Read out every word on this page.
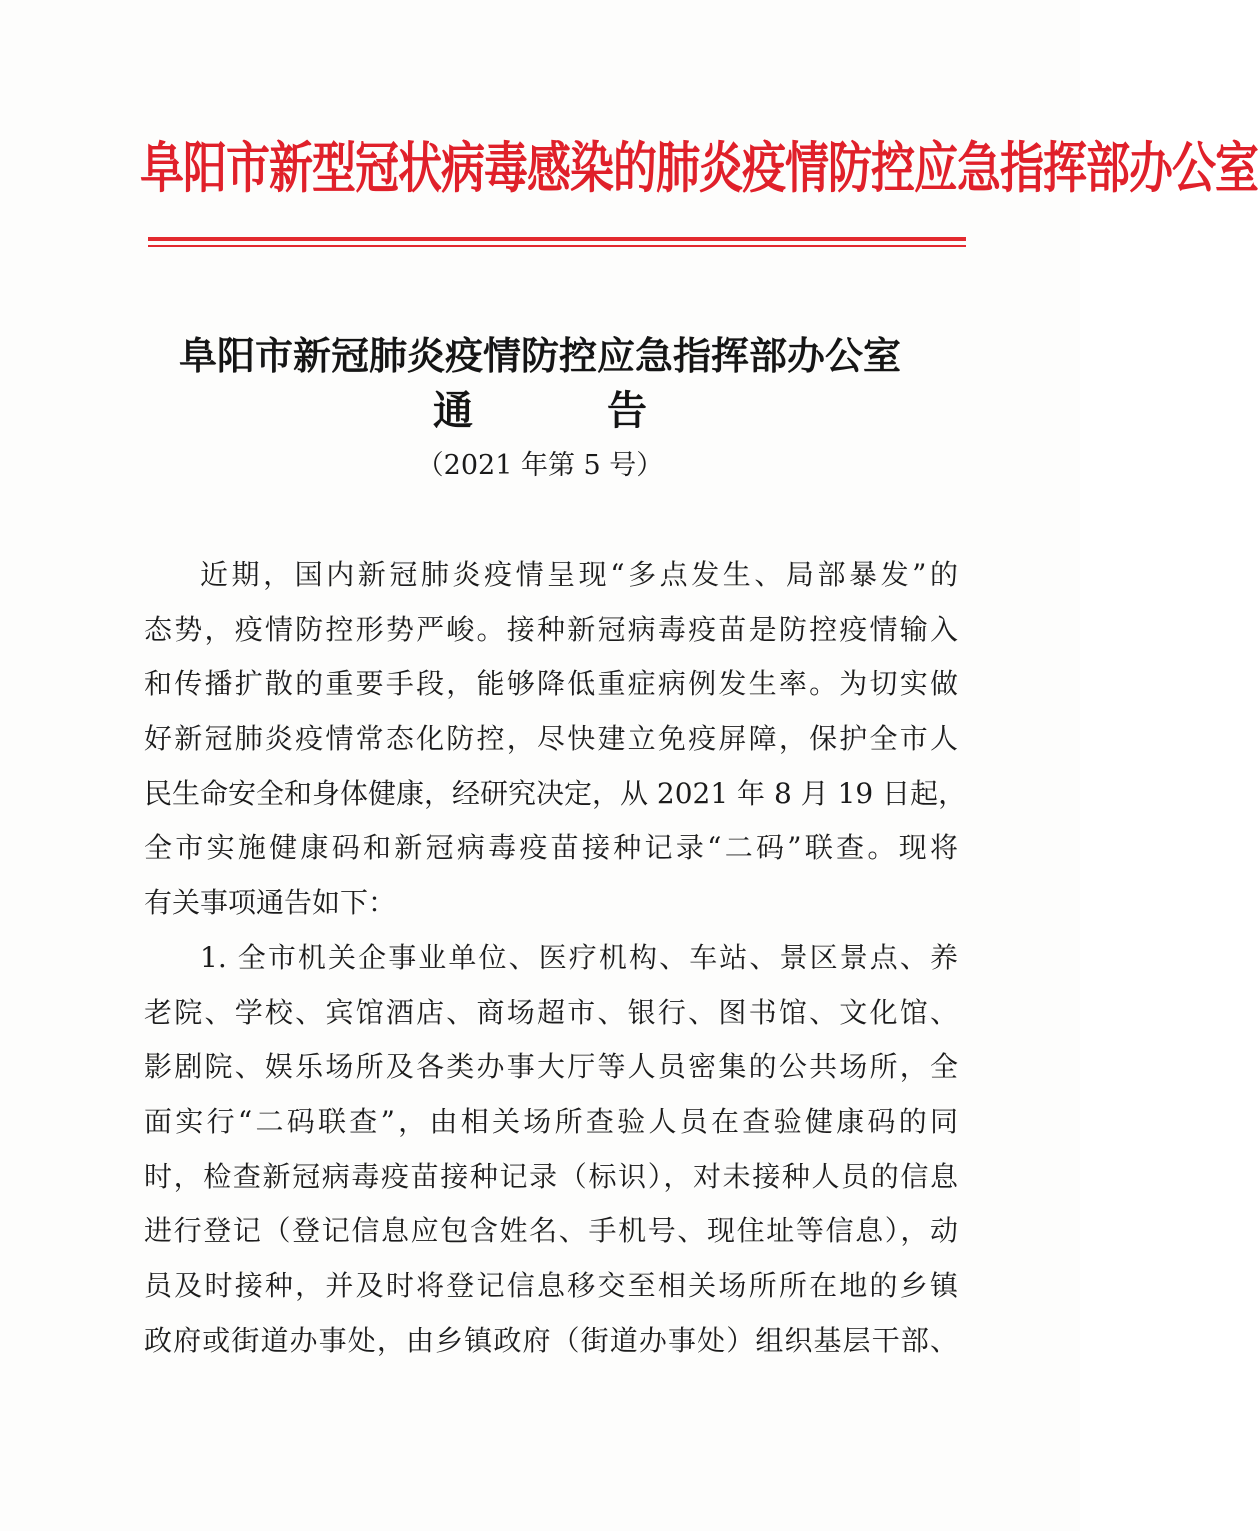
阜阳市新型冠状病毒感染的肺炎疫情防控应急指挥部办公室
阜阳市新冠肺炎疫情防控应急指挥部办公室
通 告
（2021 年第 5 号）
近期，国内新冠肺炎疫情呈现“多点发生、局部暴发”的
态势，疫情防控形势严峻。接种新冠病毒疫苗是防控疫情输入
和传播扩散的重要手段，能够降低重症病例发生率。为切实做
好新冠肺炎疫情常态化防控，尽快建立免疫屏障，保护全市人
民生命安全和身体健康，经研究决定，从 2021 年 8 月 19 日起，
全市实施健康码和新冠病毒疫苗接种记录“二码”联查。现将
有关事项通告如下：
1. 全市机关企事业单位、医疗机构、车站、景区景点、养
老院、学校、宾馆酒店、商场超市、银行、图书馆、文化馆、
影剧院、娱乐场所及各类办事大厅等人员密集的公共场所，全
面实行“二码联查”，由相关场所查验人员在查验健康码的同
时，检查新冠病毒疫苗接种记录（标识），对未接种人员的信息
进行登记（登记信息应包含姓名、手机号、现住址等信息），动
员及时接种，并及时将登记信息移交至相关场所所在地的乡镇
政府或街道办事处，由乡镇政府（街道办事处）组织基层干部、
